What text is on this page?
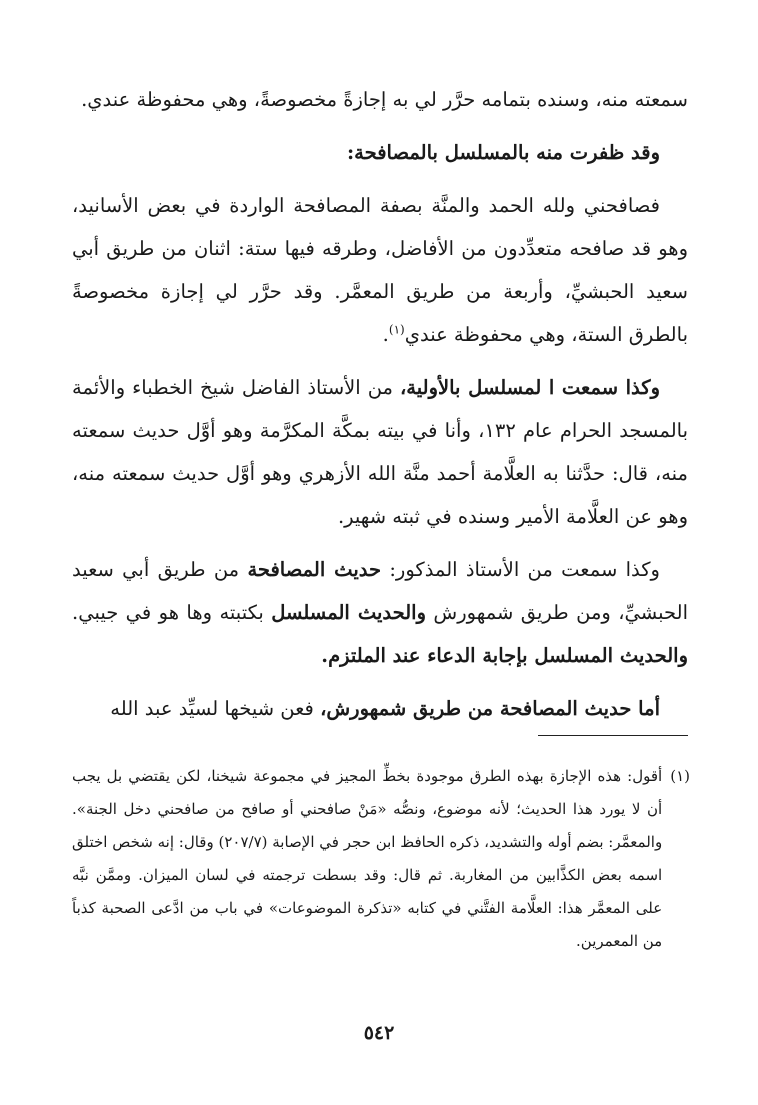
سمعته منه، وسنده بتمامه حرَّر لي به إجازةً مخصوصةً، وهي محفوظة عندي.

وقد ظفرت منه بالمسلسل بالمصافحة:

فصافحني ولله الحمد والمنَّة بصفة المصافحة الواردة في بعض الأسانيد، وهو قد صافحه متعدِّدون من الأفاضل، وطرقه فيها ستة: اثنان من طريق أبي سعيد الحبشيِّ، وأربعة من طريق المعمَّر. وقد حرَّر لي إجازة مخصوصةً بالطرق الستة، وهي محفوظة عندي$^{(١)}$.

وكذا سمعت ا لمسلسل بالأولية، من الأستاذ الفاضل شيخ الخطباء والأئمة بالمسجد الحرام عام ١٣٢، وأنا في بيته بمكَّة المكرَّمة وهو أوَّل حديث سمعته منه، قال: حدَّثنا به العلَّامة أحمد منَّة الله الأزهري وهو أوَّل حديث سمعته منه، وهو عن العلَّامة الأمير وسنده في ثبته شهير.

وكذا سمعت من الأستاذ المذكور: حديث المصافحة من طريق أبي سعيد الحبشيِّ، ومن طريق شمهورش والحديث المسلسل بكتبته وها هو في جيبي. والحديث المسلسل بإجابة الدعاء عند الملتزم.

أما حديث المصافحة من طريق شمهورش، فعن شيخها لسيِّد عبد الله

(١)
أقول: هذه الإجازة بهذه الطرق موجودة بخطِّ المجيز في مجموعة شيخنا، لكن يقتضي بل يجب أن لا يورد هذا الحديث؛ لأنه موضوع، ونصُّه «مَنْ صافحني أو صافح من صافحني دخل الجنة». والمعمَّر: بضم أوله والتشديد، ذكره الحافظ ابن حجر في الإصابة (٢٠٧/٧) وقال: إنه شخص اختلق اسمه بعض الكذَّابين من المغاربة. ثم قال: وقد بسطت ترجمته في لسان الميزان. وممَّن نبَّه على المعمَّر هذا: العلَّامة الفتَّني في كتابه «تذكرة الموضوعات» في باب من ادَّعى الصحبة كذباً من المعمرين.
٥٤٢
